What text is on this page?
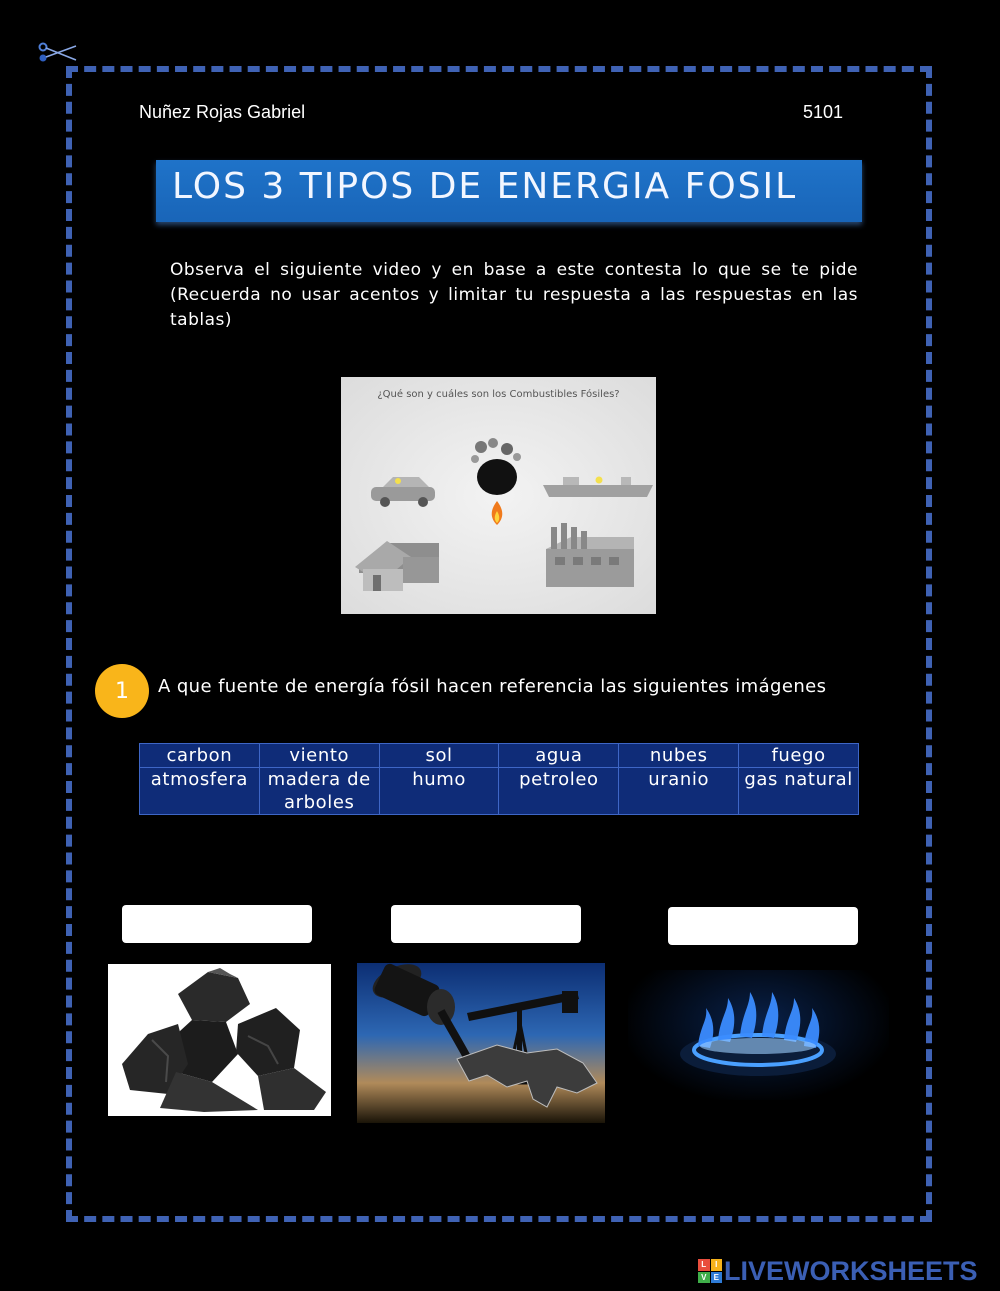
Nuñez Rojas Gabriel	5101
LOS 3 TIPOS DE ENERGIA FOSIL
Observa el siguiente video y en base a este contesta lo que se te pide (Recuerda no usar acentos y limitar tu respuesta a las respuestas en las tablas)
¿Qué son y cuáles son los Combustibles Fósiles?
1	A que fuente de energía fósil hacen referencia las siguientes imágenes
carbon	viento	sol	agua	nubes	fuego
atmosfera	madera de arboles	humo	petroleo	uranio	gas natural
L	I
V E LIVEWORKSHEETS
